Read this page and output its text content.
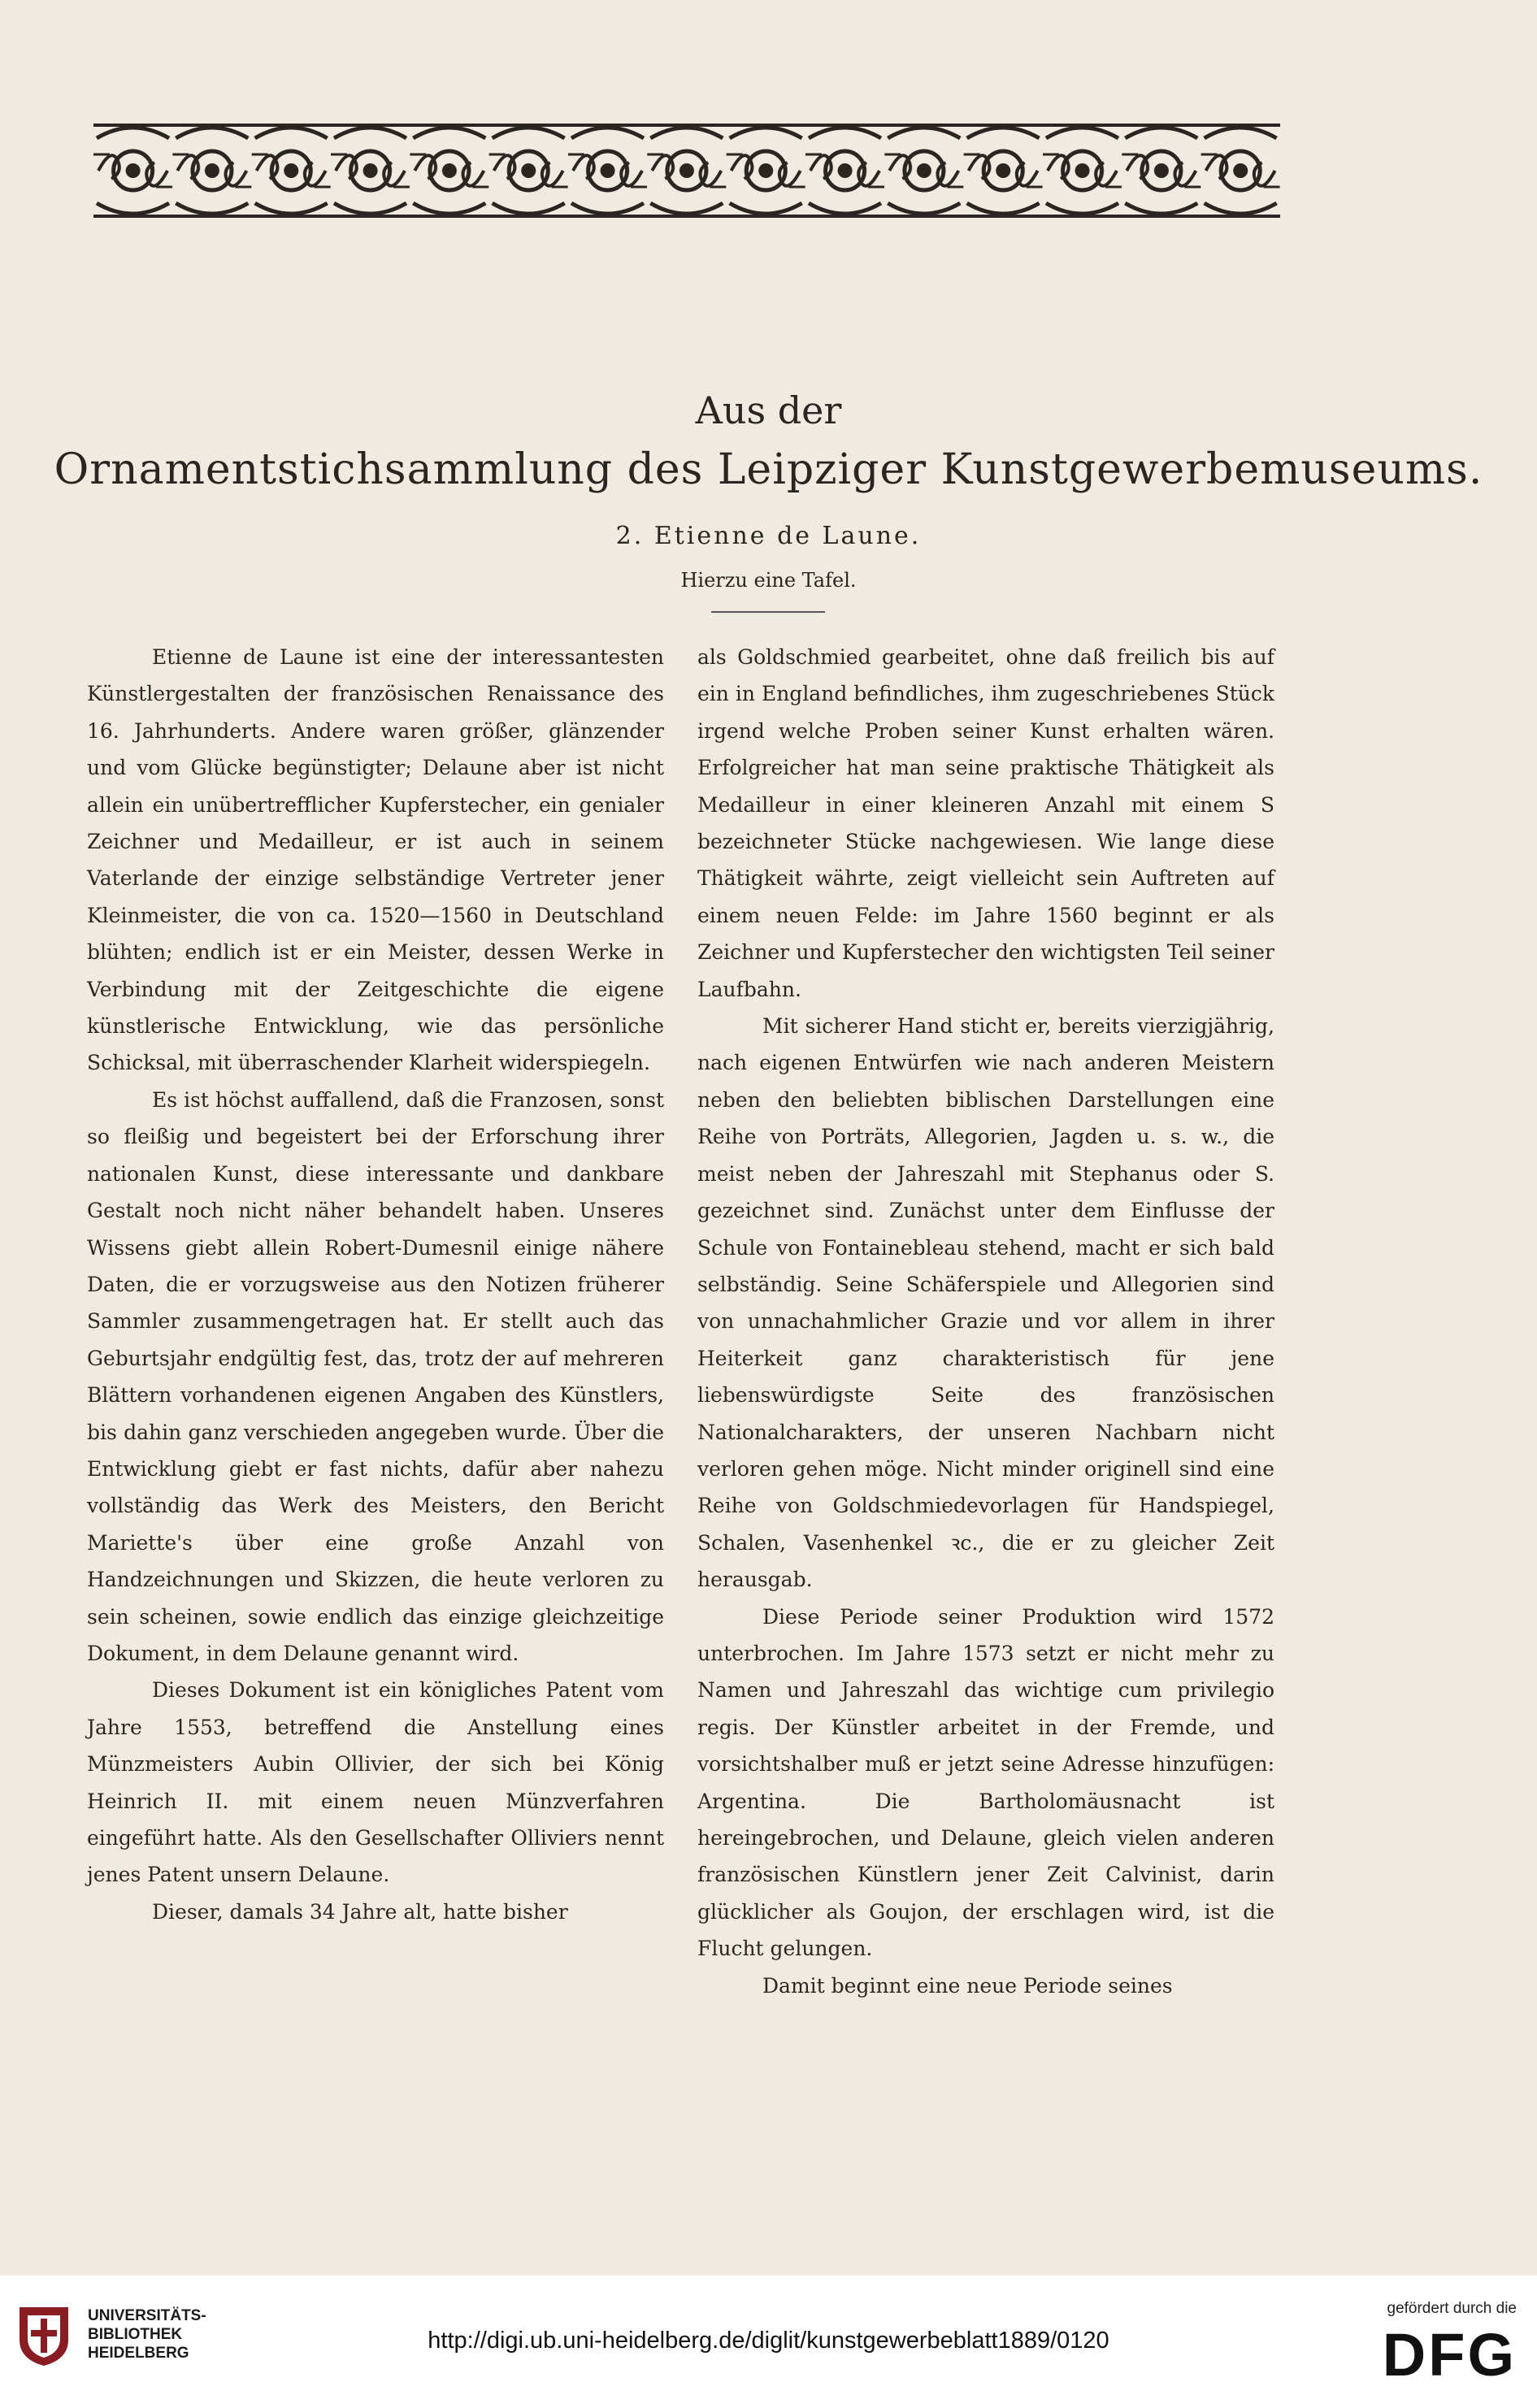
Aus der
Ornamentstichsammlung des Leipziger Kunstgewerbemuseums.
2. Etienne de Laune.
Hierzu eine Tafel.

Etienne de Laune ist eine der interessantesten Künstlergestalten der französischen Renaissance des 16. Jahrhunderts. Andere waren größer, glänzender und vom Glücke begünstigter; Delaune aber ist nicht allein ein unübertrefflicher Kupferstecher, ein genialer Zeichner und Medailleur, er ist auch in seinem Vaterlande der einzige selbständige Vertreter jener Kleinmeister, die von ca. 1520—1560 in Deutschland blühten; endlich ist er ein Meister, dessen Werke in Verbindung mit der Zeitgeschichte die eigene künstlerische Entwicklung, wie das persönliche Schicksal, mit überraschender Klarheit widerspiegeln.

Es ist höchst auffallend, daß die Franzosen, sonst so fleißig und begeistert bei der Erforschung ihrer nationalen Kunst, diese interessante und dankbare Gestalt noch nicht näher behandelt haben. Unseres Wissens giebt allein Robert-Dumesnil einige nähere Daten, die er vorzugsweise aus den Notizen früherer Sammler zusammengetragen hat. Er stellt auch das Geburtsjahr endgültig fest, das, trotz der auf mehreren Blättern vorhandenen eigenen Angaben des Künstlers, bis dahin ganz verschieden angegeben wurde. Über die Entwicklung giebt er fast nichts, dafür aber nahezu vollständig das Werk des Meisters, den Bericht Mariette's über eine große Anzahl von Handzeichnungen und Skizzen, die heute verloren zu sein scheinen, sowie endlich das einzige gleichzeitige Dokument, in dem Delaune genannt wird.

Dieses Dokument ist ein königliches Patent vom Jahre 1553, betreffend die Anstellung eines Münzmeisters Aubin Ollivier, der sich bei König Heinrich II. mit einem neuen Münzverfahren eingeführt hatte. Als den Gesellschafter Olliviers nennt jenes Patent unsern Delaune.

Dieser, damals 34 Jahre alt, hatte bisher

als Goldschmied gearbeitet, ohne daß freilich bis auf ein in England befindliches, ihm zugeschriebenes Stück irgend welche Proben seiner Kunst erhalten wären. Erfolgreicher hat man seine praktische Thätigkeit als Medailleur in einer kleineren Anzahl mit einem S bezeichneter Stücke nachgewiesen. Wie lange diese Thätigkeit währte, zeigt vielleicht sein Auftreten auf einem neuen Felde: im Jahre 1560 beginnt er als Zeichner und Kupferstecher den wichtigsten Teil seiner Laufbahn.

Mit sicherer Hand sticht er, bereits vierzigjährig, nach eigenen Entwürfen wie nach anderen Meistern neben den beliebten biblischen Darstellungen eine Reihe von Porträts, Allegorien, Jagden u. s. w., die meist neben der Jahreszahl mit Stephanus oder S. gezeichnet sind. Zunächst unter dem Einflusse der Schule von Fontainebleau stehend, macht er sich bald selbständig. Seine Schäferspiele und Allegorien sind von unnachahmlicher Grazie und vor allem in ihrer Heiterkeit ganz charakteristisch für jene liebenswürdigste Seite des französischen Nationalcharakters, der unseren Nachbarn nicht verloren gehen möge. Nicht minder originell sind eine Reihe von Goldschmiedevorlagen für Handspiegel, Schalen, Vasenhenkel ꝛc., die er zu gleicher Zeit herausgab.

Diese Periode seiner Produktion wird 1572 unterbrochen. Im Jahre 1573 setzt er nicht mehr zu Namen und Jahreszahl das wichtige cum privilegio regis. Der Künstler arbeitet in der Fremde, und vorsichtshalber muß er jetzt seine Adresse hinzufügen: Argentina. Die Bartholomäusnacht ist hereingebrochen, und Delaune, gleich vielen anderen französischen Künstlern jener Zeit Calvinist, darin glücklicher als Goujon, der erschlagen wird, ist die Flucht gelungen.

Damit beginnt eine neue Periode seines

UNIVERSITÄTS-
BIBLIOTHEK
HEIDELBERG	http://digi.ub.uni-heidelberg.de/diglit/kunstgewerbeblatt1889/0120
gefördert durch die
DFG
